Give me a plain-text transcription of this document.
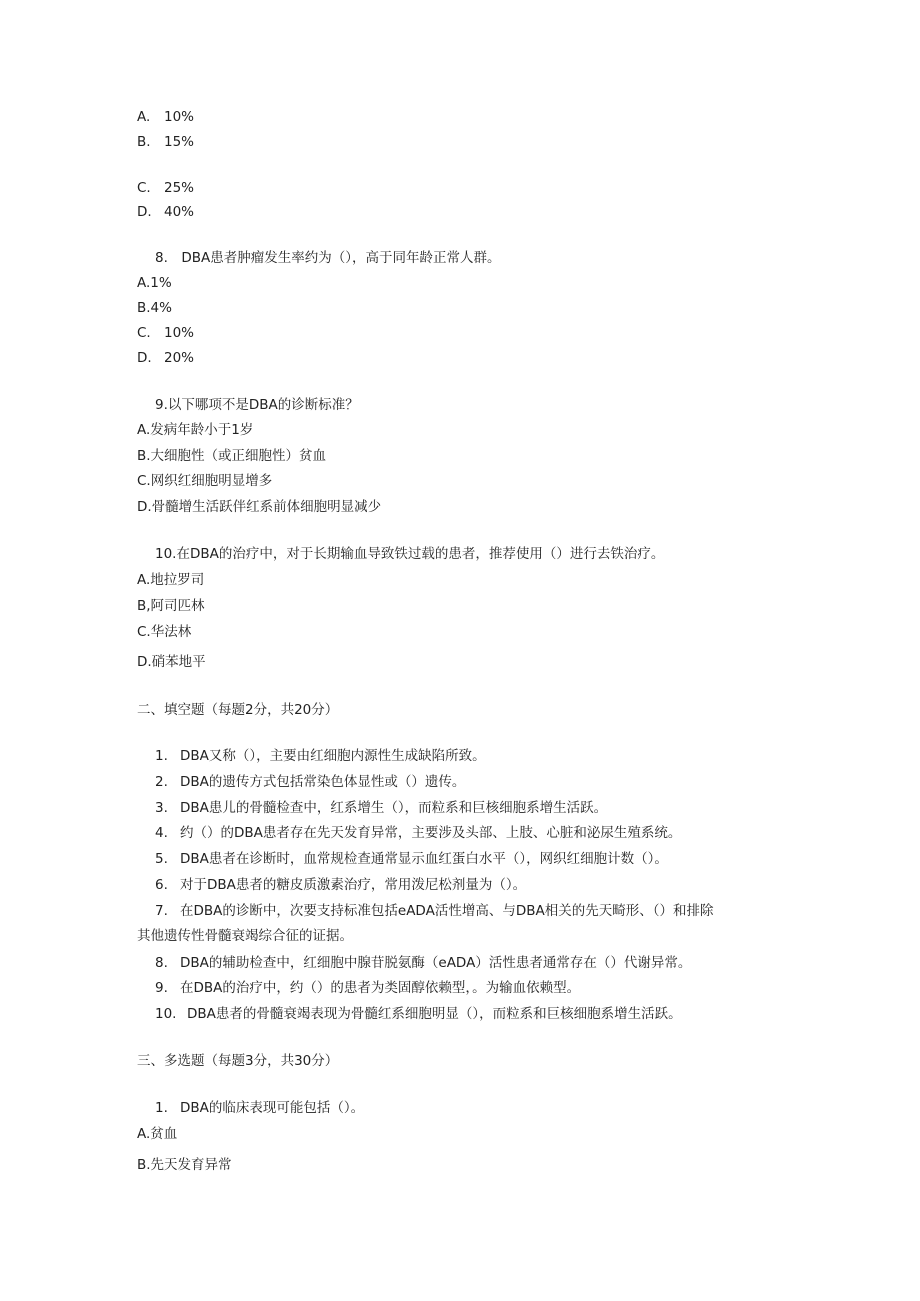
A. 10%
B. 15%
C. 25%
D. 40%
8.　DBA患者肿瘤发生率约为（），高于同年龄正常人群。
A.1%
B.4%
C. 10%
D. 20%
9.以下哪项不是DBA的诊断标准？
A.发病年龄小于1岁
B.大细胞性（或正细胞性）贫血
C.网织红细胞明显增多
D.骨髓增生活跃伴红系前体细胞明显减少
10.在DBA的治疗中，对于长期输血导致铁过载的患者，推荐使用（）进行去铁治疗。
A.地拉罗司
B,阿司匹林
C.华法林
D.硝苯地平
二、填空题（每题2分，共20分）
1. DBA又称（），主要由红细胞内源性生成缺陷所致。
2. DBA的遗传方式包括常染色体显性或（）遗传。
3. DBA患儿的骨髓检查中，红系增生（），而粒系和巨核细胞系增生活跃。
4. 约（）的DBA患者存在先天发育异常，主要涉及头部、上肢、心脏和泌尿生殖系统。
5. DBA患者在诊断时，血常规检查通常显示血红蛋白水平（），网织红细胞计数（）。
6. 对于DBA患者的糖皮质激素治疗，常用泼尼松剂量为（）。
7. 在DBA的诊断中，次要支持标准包括eADA活性增高、与DBA相关的先天畸形、（）和排除
其他遗传性骨髓衰竭综合征的证据。
8. DBA的辅助检查中，红细胞中腺苷脱氨酶（eADA）活性患者通常存在（）代谢异常。
9. 在DBA的治疗中，约（）的患者为类固醇依赖型，。为输血依赖型。
10. DBA患者的骨髓衰竭表现为骨髓红系细胞明显（），而粒系和巨核细胞系增生活跃。
三、多选题（每题3分，共30分）
1. DBA的临床表现可能包括（）。
A.贫血
B.先天发育异常
